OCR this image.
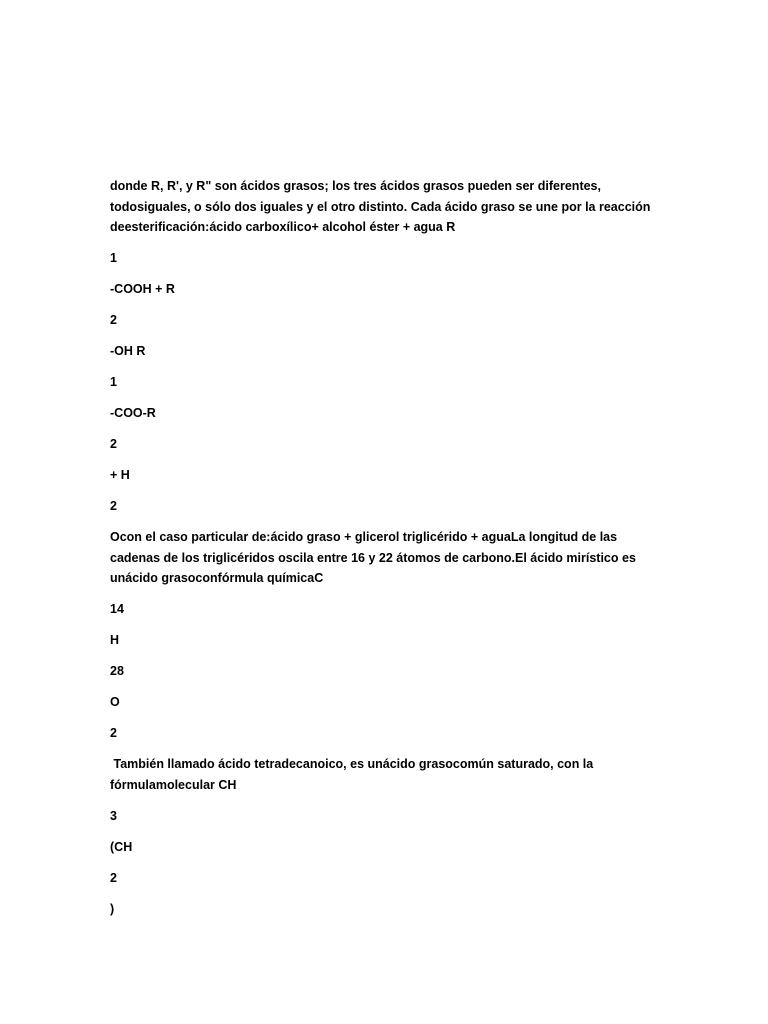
donde R, R', y R" son ácidos grasos; los tres ácidos grasos pueden ser diferentes, todosiguales, o sólo dos iguales y el otro distinto. Cada ácido graso se une por la reacción deesterificación:ácido carboxílico+ alcohol éster + agua R

1

-COOH + R

2

-OH R

1

-COO-R

2

+ H

2

Ocon el caso particular de:ácido graso + glicerol triglicérido + aguaLa longitud de las cadenas de los triglicéridos oscila entre 16 y 22 átomos de carbono.El ácido mirístico es unácido grasoconfórmula químicaC

14

H

28

O

2

También llamado ácido tetradecanoico, es unácido grasocomún saturado, con la fórmulamolecular CH

3

(CH

2

)
